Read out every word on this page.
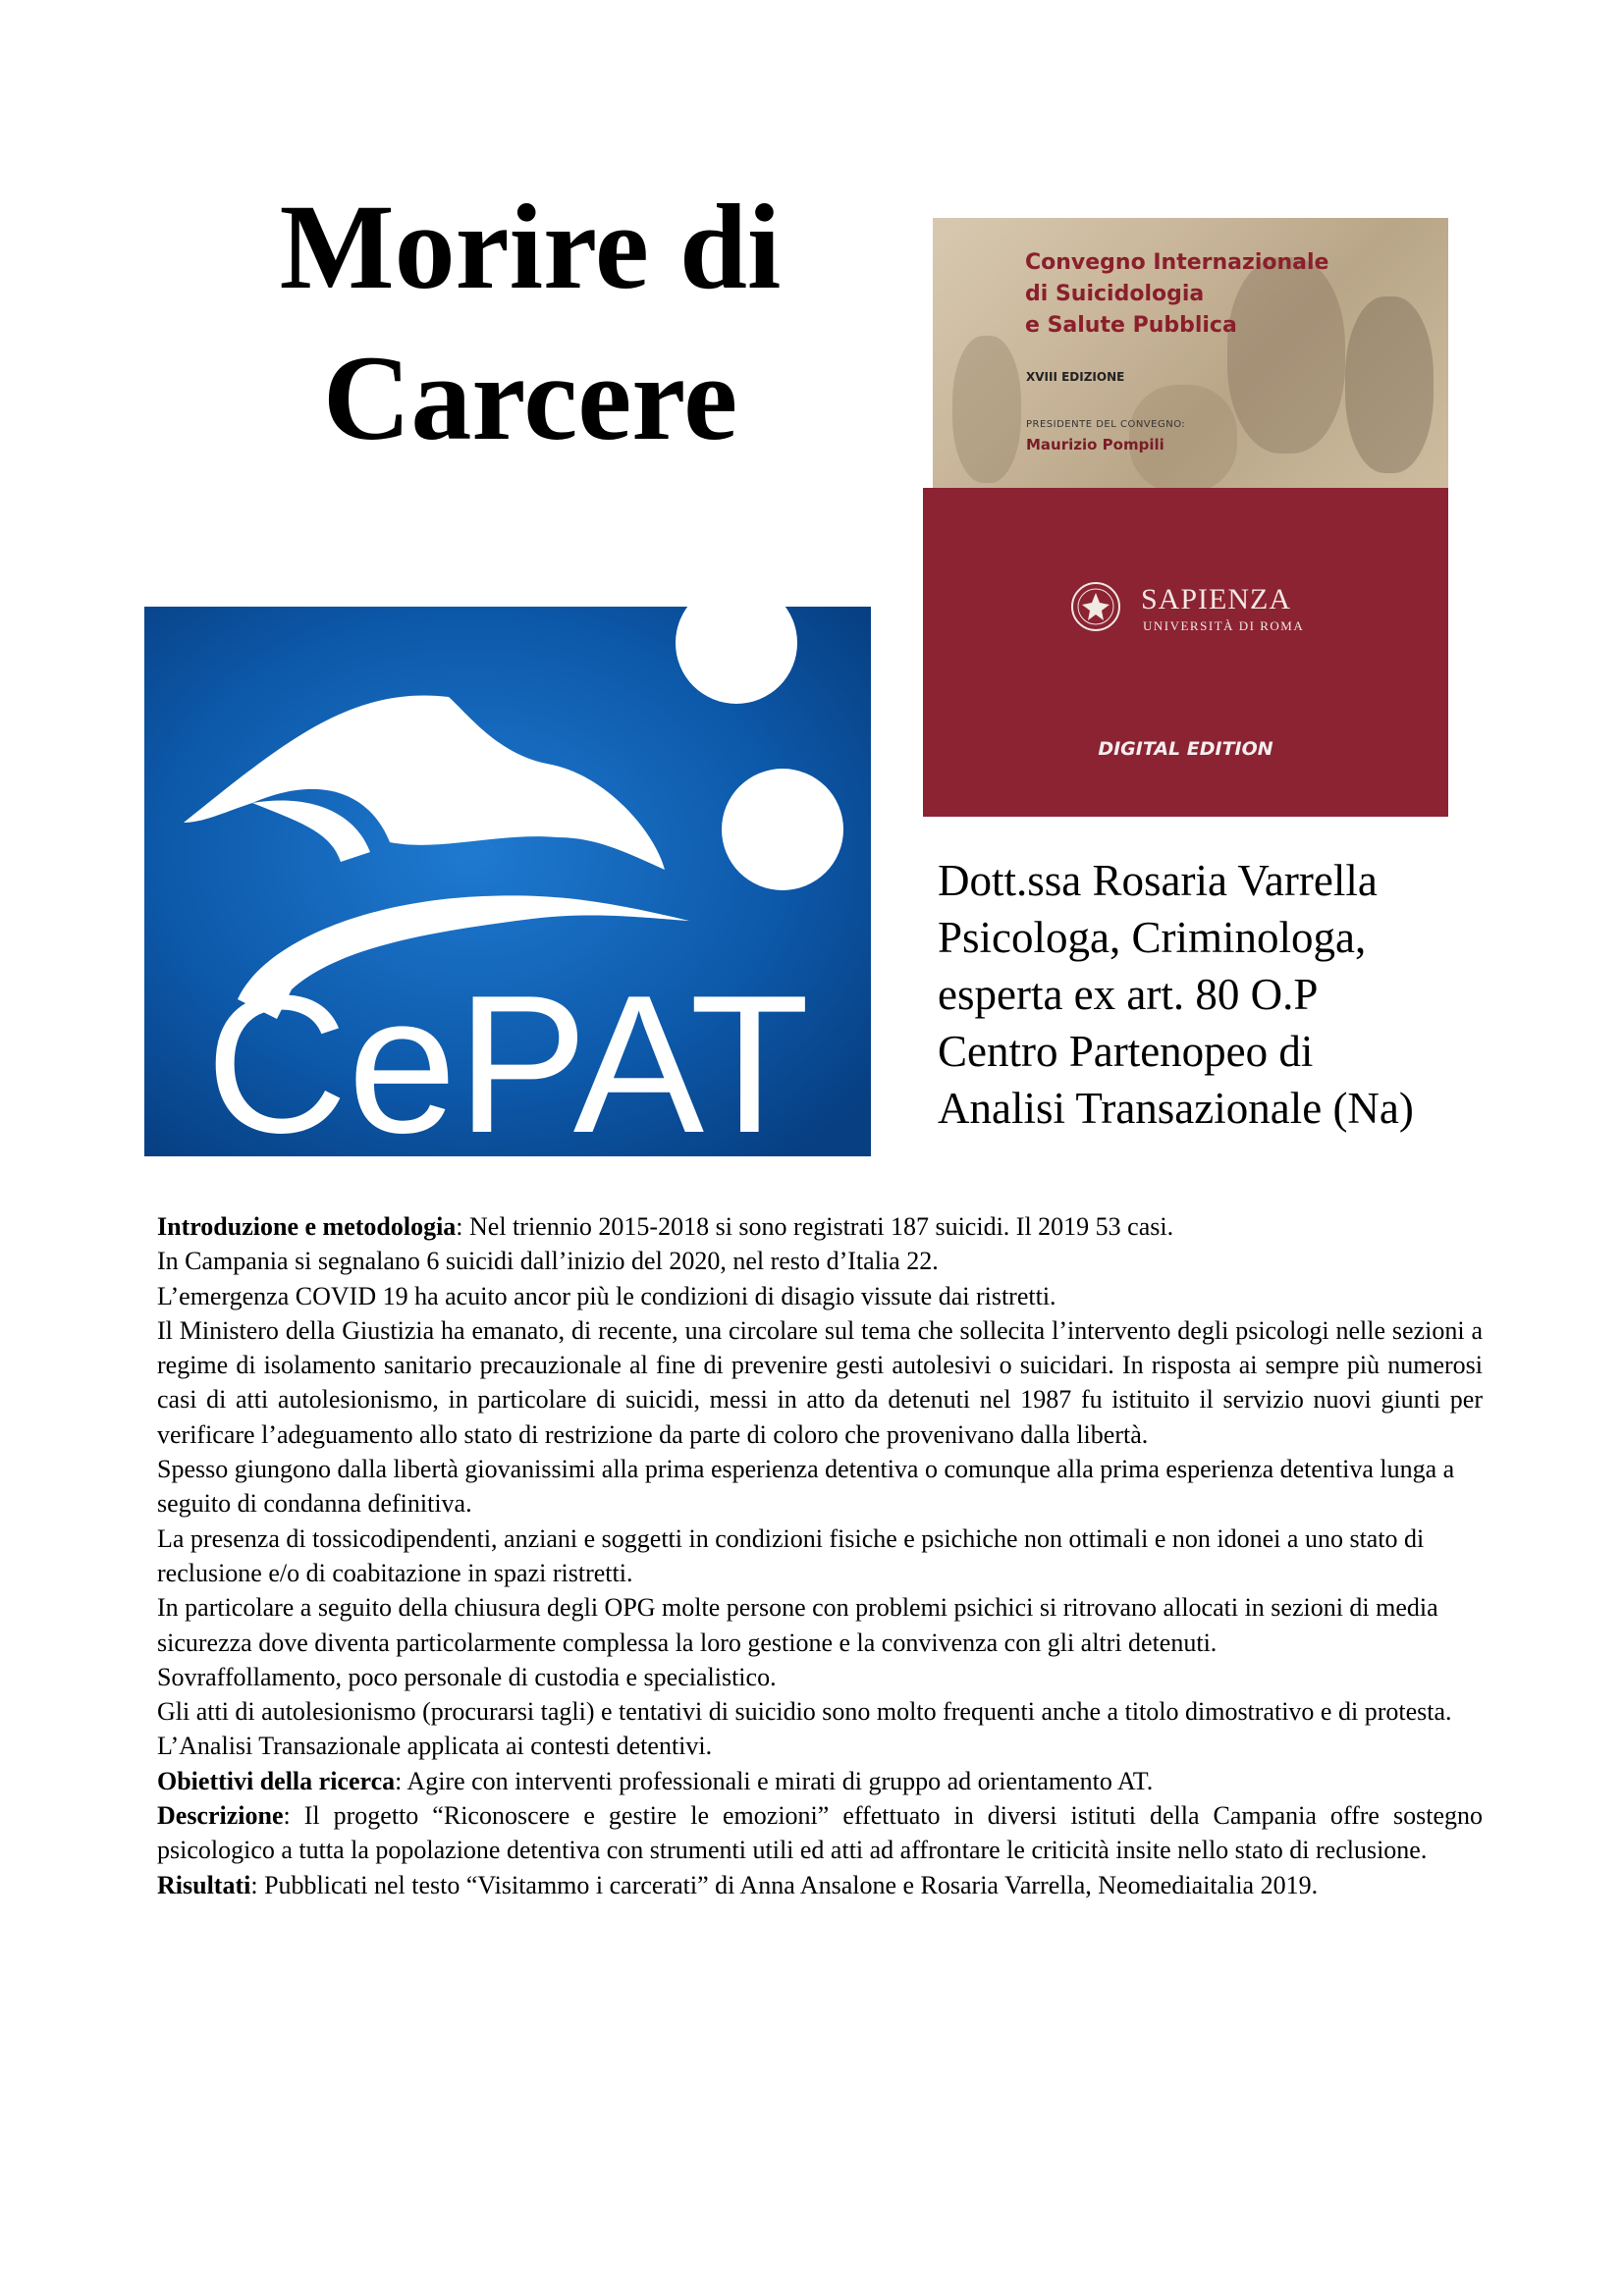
Morire di
Carcere
Convegno Internazionale
di Suicidologia
e Salute Pubblica
XVIII EDIZIONE
PRESIDENTE DEL CONVEGNO:
Maurizio Pompili
SAPIENZA
UNIVERSITÀ DI ROMA
DIGITAL EDITION
CePAT
Dott.ssa Rosaria Varrella
Psicologa, Criminologa,
esperta ex art. 80 O.P
Centro Partenopeo di
Analisi Transazionale (Na)

Introduzione e metodologia: Nel triennio 2015-2018 si sono registrati 187 suicidi. Il 2019 53 casi.

In Campania si segnalano 6 suicidi dall’inizio del 2020, nel resto d’Italia 22.

L’emergenza COVID 19 ha acuito ancor più le condizioni di disagio vissute dai ristretti.

Il Ministero della Giustizia ha emanato, di recente, una circolare sul tema che sollecita l’intervento degli psicologi nelle sezioni a regime di isolamento sanitario precauzionale al fine di prevenire gesti autolesivi o suicidari. In risposta ai sempre più numerosi casi di atti autolesionismo, in particolare di suicidi, messi in atto da detenuti nel 1987 fu istituito il servizio nuovi giunti per verificare l’adeguamento allo stato di restrizione da parte di coloro che provenivano dalla libertà.

Spesso giungono dalla libertà giovanissimi alla prima esperienza detentiva o comunque alla prima esperienza detentiva lunga a seguito di condanna definitiva.

La presenza di tossicodipendenti, anziani e soggetti in condizioni fisiche e psichiche non ottimali e non idonei a uno stato di reclusione e/o di coabitazione in spazi ristretti.

In particolare a seguito della chiusura degli OPG molte persone con problemi psichici si ritrovano allocati in sezioni di media sicurezza dove diventa particolarmente complessa la loro gestione e la convivenza con gli altri detenuti.

Sovraffollamento, poco personale di custodia e specialistico.

Gli atti di autolesionismo (procurarsi tagli) e tentativi di suicidio sono molto frequenti anche a titolo dimostrativo e di protesta. L’Analisi Transazionale applicata ai contesti detentivi.

Obiettivi della ricerca: Agire con interventi professionali e mirati di gruppo ad orientamento AT.

Descrizione: Il progetto “Riconoscere e gestire le emozioni” effettuato in diversi istituti della Campania offre sostegno psicologico a tutta la popolazione detentiva con strumenti utili ed atti ad affrontare le criticità insite nello stato di reclusione.

Risultati: Pubblicati nel testo “Visitammo i carcerati” di Anna Ansalone e Rosaria Varrella, Neomediaitalia 2019.
